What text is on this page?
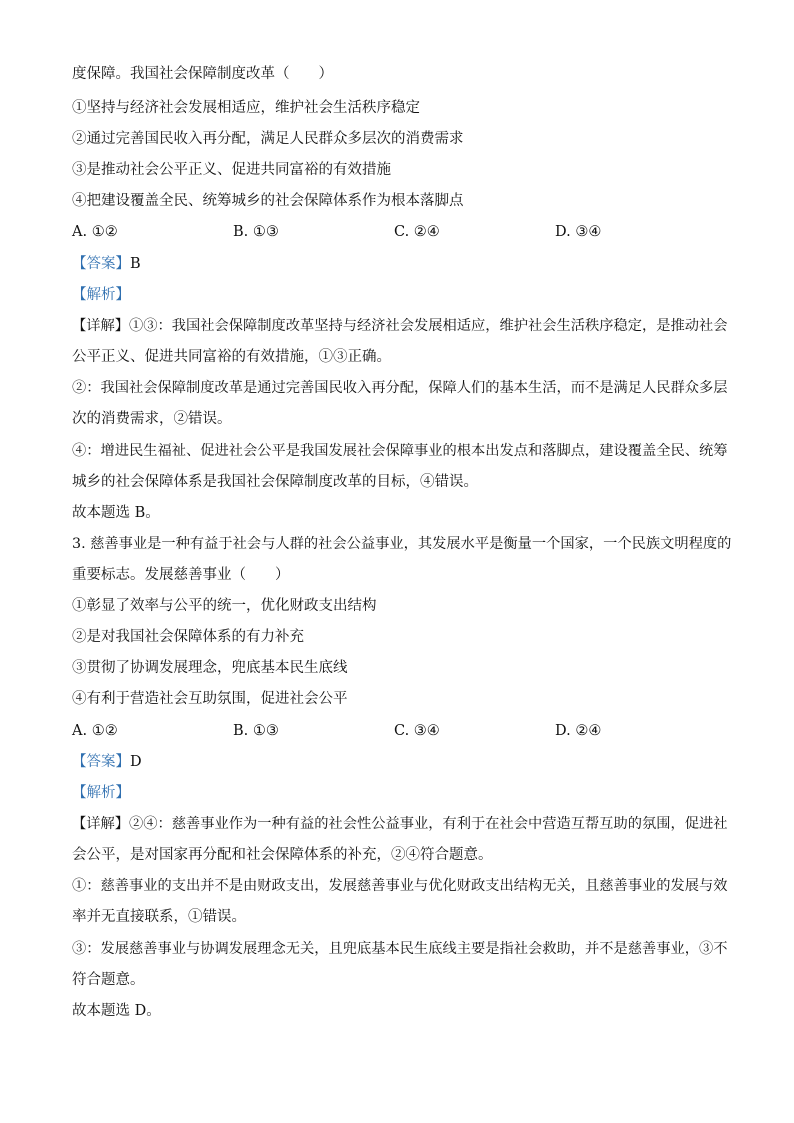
度保障。我国社会保障制度改革（　　）
①坚持与经济社会发展相适应，维护社会生活秩序稳定
②通过完善国民收入再分配，满足人民群众多层次的消费需求
③是推动社会公平正义、促进共同富裕的有效措施
④把建设覆盖全民、统筹城乡的社会保障体系作为根本落脚点
A. ①②	B. ①③	C. ②④	D. ③④
【答案】B
【解析】
【详解】①③：我国社会保障制度改革坚持与经济社会发展相适应，维护社会生活秩序稳定，是推动社会
公平正义、促进共同富裕的有效措施，①③正确。
②：我国社会保障制度改革是通过完善国民收入再分配，保障人们的基本生活，而不是满足人民群众多层
次的消费需求，②错误。
④：增进民生福祉、促进社会公平是我国发展社会保障事业的根本出发点和落脚点，建设覆盖全民、统筹
城乡的社会保障体系是我国社会保障制度改革的目标，④错误。
故本题选 B。
3. 慈善事业是一种有益于社会与人群的社会公益事业，其发展水平是衡量一个国家，一个民族文明程度的
重要标志。发展慈善事业（　　）
①彰显了效率与公平的统一，优化财政支出结构
②是对我国社会保障体系的有力补充
③贯彻了协调发展理念，兜底基本民生底线
④有利于营造社会互助氛围，促进社会公平
A. ①②	B. ①③	C. ③④	D. ②④
【答案】D
【解析】
【详解】②④：慈善事业作为一种有益的社会性公益事业，有利于在社会中营造互帮互助的氛围，促进社
会公平，是对国家再分配和社会保障体系的补充，②④符合题意。
①：慈善事业的支出并不是由财政支出，发展慈善事业与优化财政支出结构无关，且慈善事业的发展与效
率并无直接联系，①错误。
③：发展慈善事业与协调发展理念无关，且兜底基本民生底线主要是指社会救助，并不是慈善事业，③不
符合题意。
故本题选 D。
